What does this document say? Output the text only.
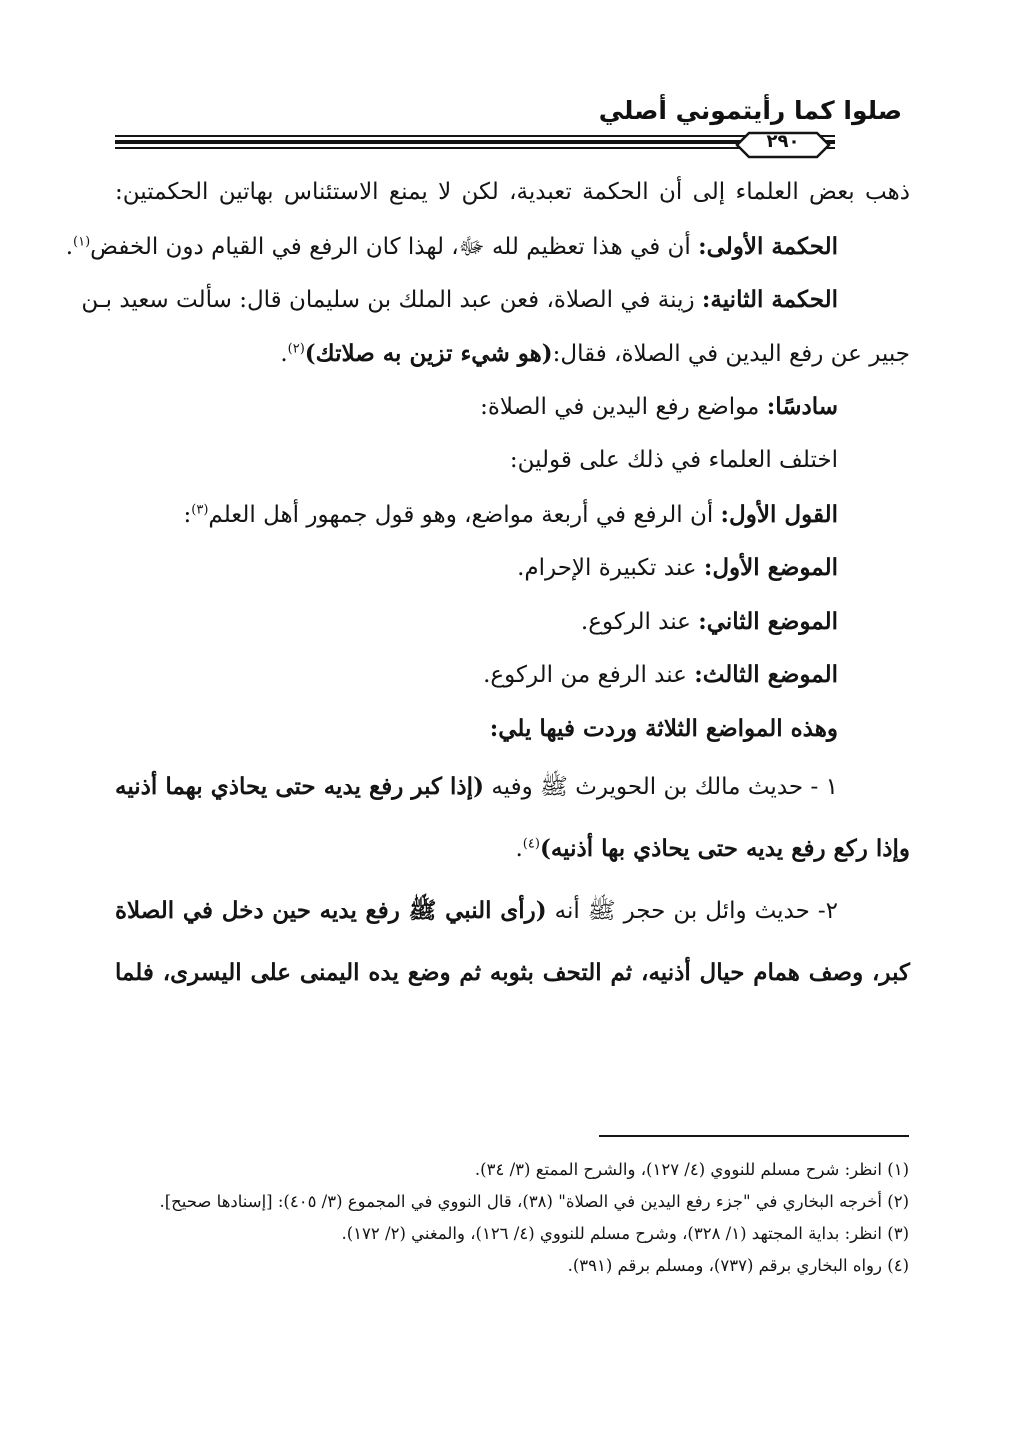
صلوا كما رأيتموني أصلي
٢٩٠
ذهب بعض العلماء إلى أن الحكمة تعبدية، لكن لا يمنع الاستئناس بهاتين الحكمتين:
الحكمة الأولى: أن في هذا تعظيم لله ﷻ، لهذا كان الرفع في القيام دون الخفض$^{(١)}$.
الحكمة الثانية: زينة في الصلاة، فعن عبد الملك بن سليمان قال: سألت سعيد بـن
جبير عن رفع اليدين في الصلاة، فقال:(هو شيء تزين به صلاتك)$^{(٢)}$.
سادسًا: مواضع رفع اليدين في الصلاة:
اختلف العلماء في ذلك على قولين:
القول الأول: أن الرفع في أربعة مواضع، وهو قول جمهور أهل العلم$^{(٣)}$:
الموضع الأول: عند تكبيرة الإحرام.
الموضع الثاني: عند الركوع.
الموضع الثالث: عند الرفع من الركوع.
وهذه المواضع الثلاثة وردت فيها يلي:
١ - حديث مالك بن الحويرث ﷺ وفيه (إذا كبر رفع يديه حتى يحاذي بهما أذنيه
وإذا ركع رفع يديه حتى يحاذي بها أذنيه)$^{(٤)}$.
٢- حديث وائل بن حجر ﷺ أنه (رأى النبي ﷺ رفع يديه حين دخل في الصلاة
كبر، وصف همام حيال أذنيه، ثم التحف بثوبه ثم وضع يده اليمنى على اليسرى، فلما
(١) انظر: شرح مسلم للنووي (٤/ ١٢٧)، والشرح الممتع (٣/ ٣٤).
(٢) أخرجه البخاري في "جزء رفع اليدين في الصلاة" (٣٨)، قال النووي في المجموع (٣/ ٤٠٥): [إسنادها صحيح].
(٣) انظر: بداية المجتهد (١/ ٣٢٨)، وشرح مسلم للنووي (٤/ ١٢٦)، والمغني (٢/ ١٧٢).
(٤) رواه البخاري برقم (٧٣٧)، ومسلم برقم (٣٩١).
